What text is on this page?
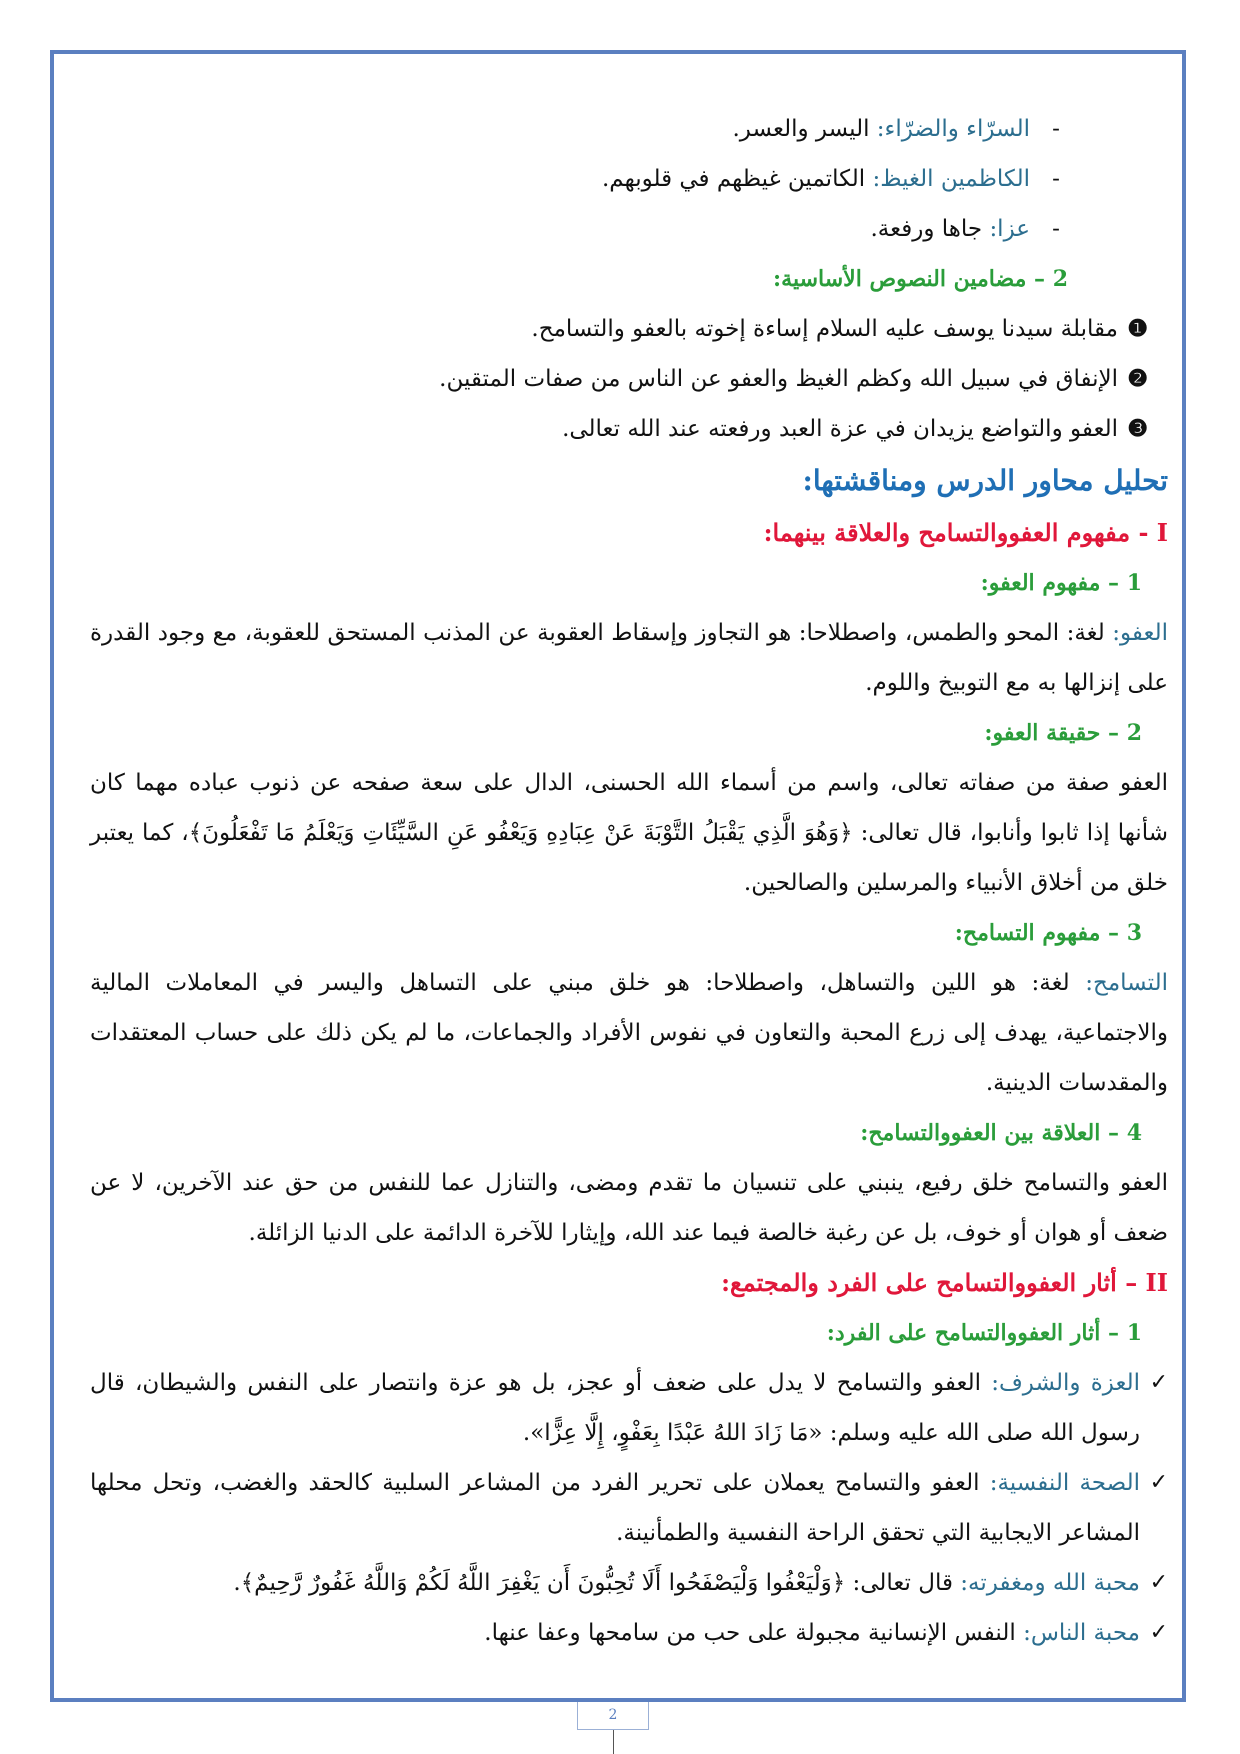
-السرّاء والضرّاء: اليسر والعسر.
-الكاظمين الغيظ: الكاتمين غيظهم في قلوبهم.
-عزا: جاها ورفعة.
2 – مضامين النصوص الأساسية:
❶مقابلة سيدنا يوسف عليه السلام إساءة إخوته بالعفو والتسامح.
❷الإنفاق في سبيل الله وكظم الغيظ والعفو عن الناس من صفات المتقين.
❸العفو والتواضع يزيدان في عزة العبد ورفعته عند الله تعالى.
تحليل محاور الدرس ومناقشتها:
I - مفهوم العفووالتسامح والعلاقة بينهما:
1 – مفهوم العفو:

العفو: لغة: المحو والطمس، واصطلاحا: هو التجاوز وإسقاط العقوبة عن المذنب المستحق للعقوبة، مع وجود القدرة على إنزالها به مع التوبيخ واللوم.

2 – حقيقة العفو:

العفو صفة من صفاته تعالى، واسم من أسماء الله الحسنى، الدال على سعة صفحه عن ذنوب عباده مهما كان شأنها إذا ثابوا وأنابوا، قال تعالى: ﴿وَهُوَ الَّذِي يَقْبَلُ التَّوْبَةَ عَنْ عِبَادِهِ وَيَعْفُو عَنِ السَّيِّئَاتِ وَيَعْلَمُ مَا تَفْعَلُونَ﴾، كما يعتبر خلق من أخلاق الأنبياء والمرسلين والصالحين.

3 – مفهوم التسامح:

التسامح: لغة: هو اللين والتساهل، واصطلاحا: هو خلق مبني على التساهل واليسر في المعاملات المالية والاجتماعية، يهدف إلى زرع المحبة والتعاون في نفوس الأفراد والجماعات، ما لم يكن ذلك على حساب المعتقدات والمقدسات الدينية.

4 – العلاقة بين العفووالتسامح:

العفو والتسامح خلق رفيع، ينبني على تنسيان ما تقدم ومضى، والتنازل عما للنفس من حق عند الآخرين، لا عن ضعف أو هوان أو خوف، بل عن رغبة خالصة فيما عند الله، وإيثارا للآخرة الدائمة على الدنيا الزائلة.

II – أثار العفووالتسامح على الفرد والمجتمع:
1 – أثار العفووالتسامح على الفرد:
✓

العزة والشرف: العفو والتسامح لا يدل على ضعف أو عجز، بل هو عزة وانتصار على النفس والشيطان، قال رسول الله صلى الله عليه وسلم: «مَا زَادَ اللهُ عَبْدًا بِعَفْوٍ، إِلَّا عِزًّا».

✓

الصحة النفسية: العفو والتسامح يعملان على تحرير الفرد من المشاعر السلبية كالحقد والغضب، وتحل محلها المشاعر الايجابية التي تحقق الراحة النفسية والطمأنينة.

✓

محبة الله ومغفرته: قال تعالى: ﴿وَلْيَعْفُوا وَلْيَصْفَحُوا أَلَا تُحِبُّونَ أَن يَغْفِرَ اللَّهُ لَكُمْ وَاللَّهُ غَفُورٌ رَّحِيمٌ﴾.

✓

محبة الناس: النفس الإنسانية مجبولة على حب من سامحها وعفا عنها.

2
